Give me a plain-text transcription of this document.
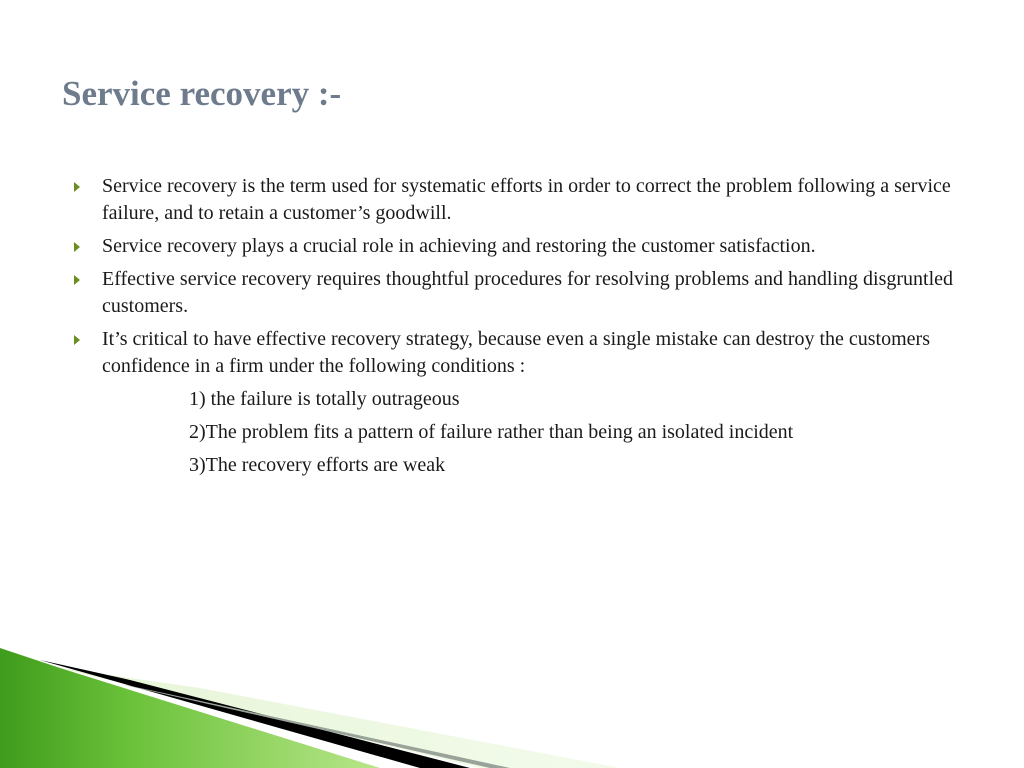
Service recovery :-
Service recovery is the term used for systematic efforts in order to correct the problem following a service failure, and to retain a customer’s goodwill.
Service recovery plays a crucial role in achieving and restoring the customer satisfaction.
Effective service recovery requires thoughtful procedures for resolving problems and handling disgruntled customers.
It’s critical to have effective recovery strategy, because even a single mistake can destroy the customers confidence in a firm under the following conditions :
1) the failure is totally outrageous
2)The problem fits a pattern of failure rather than being an isolated incident
3)The recovery efforts are weak
